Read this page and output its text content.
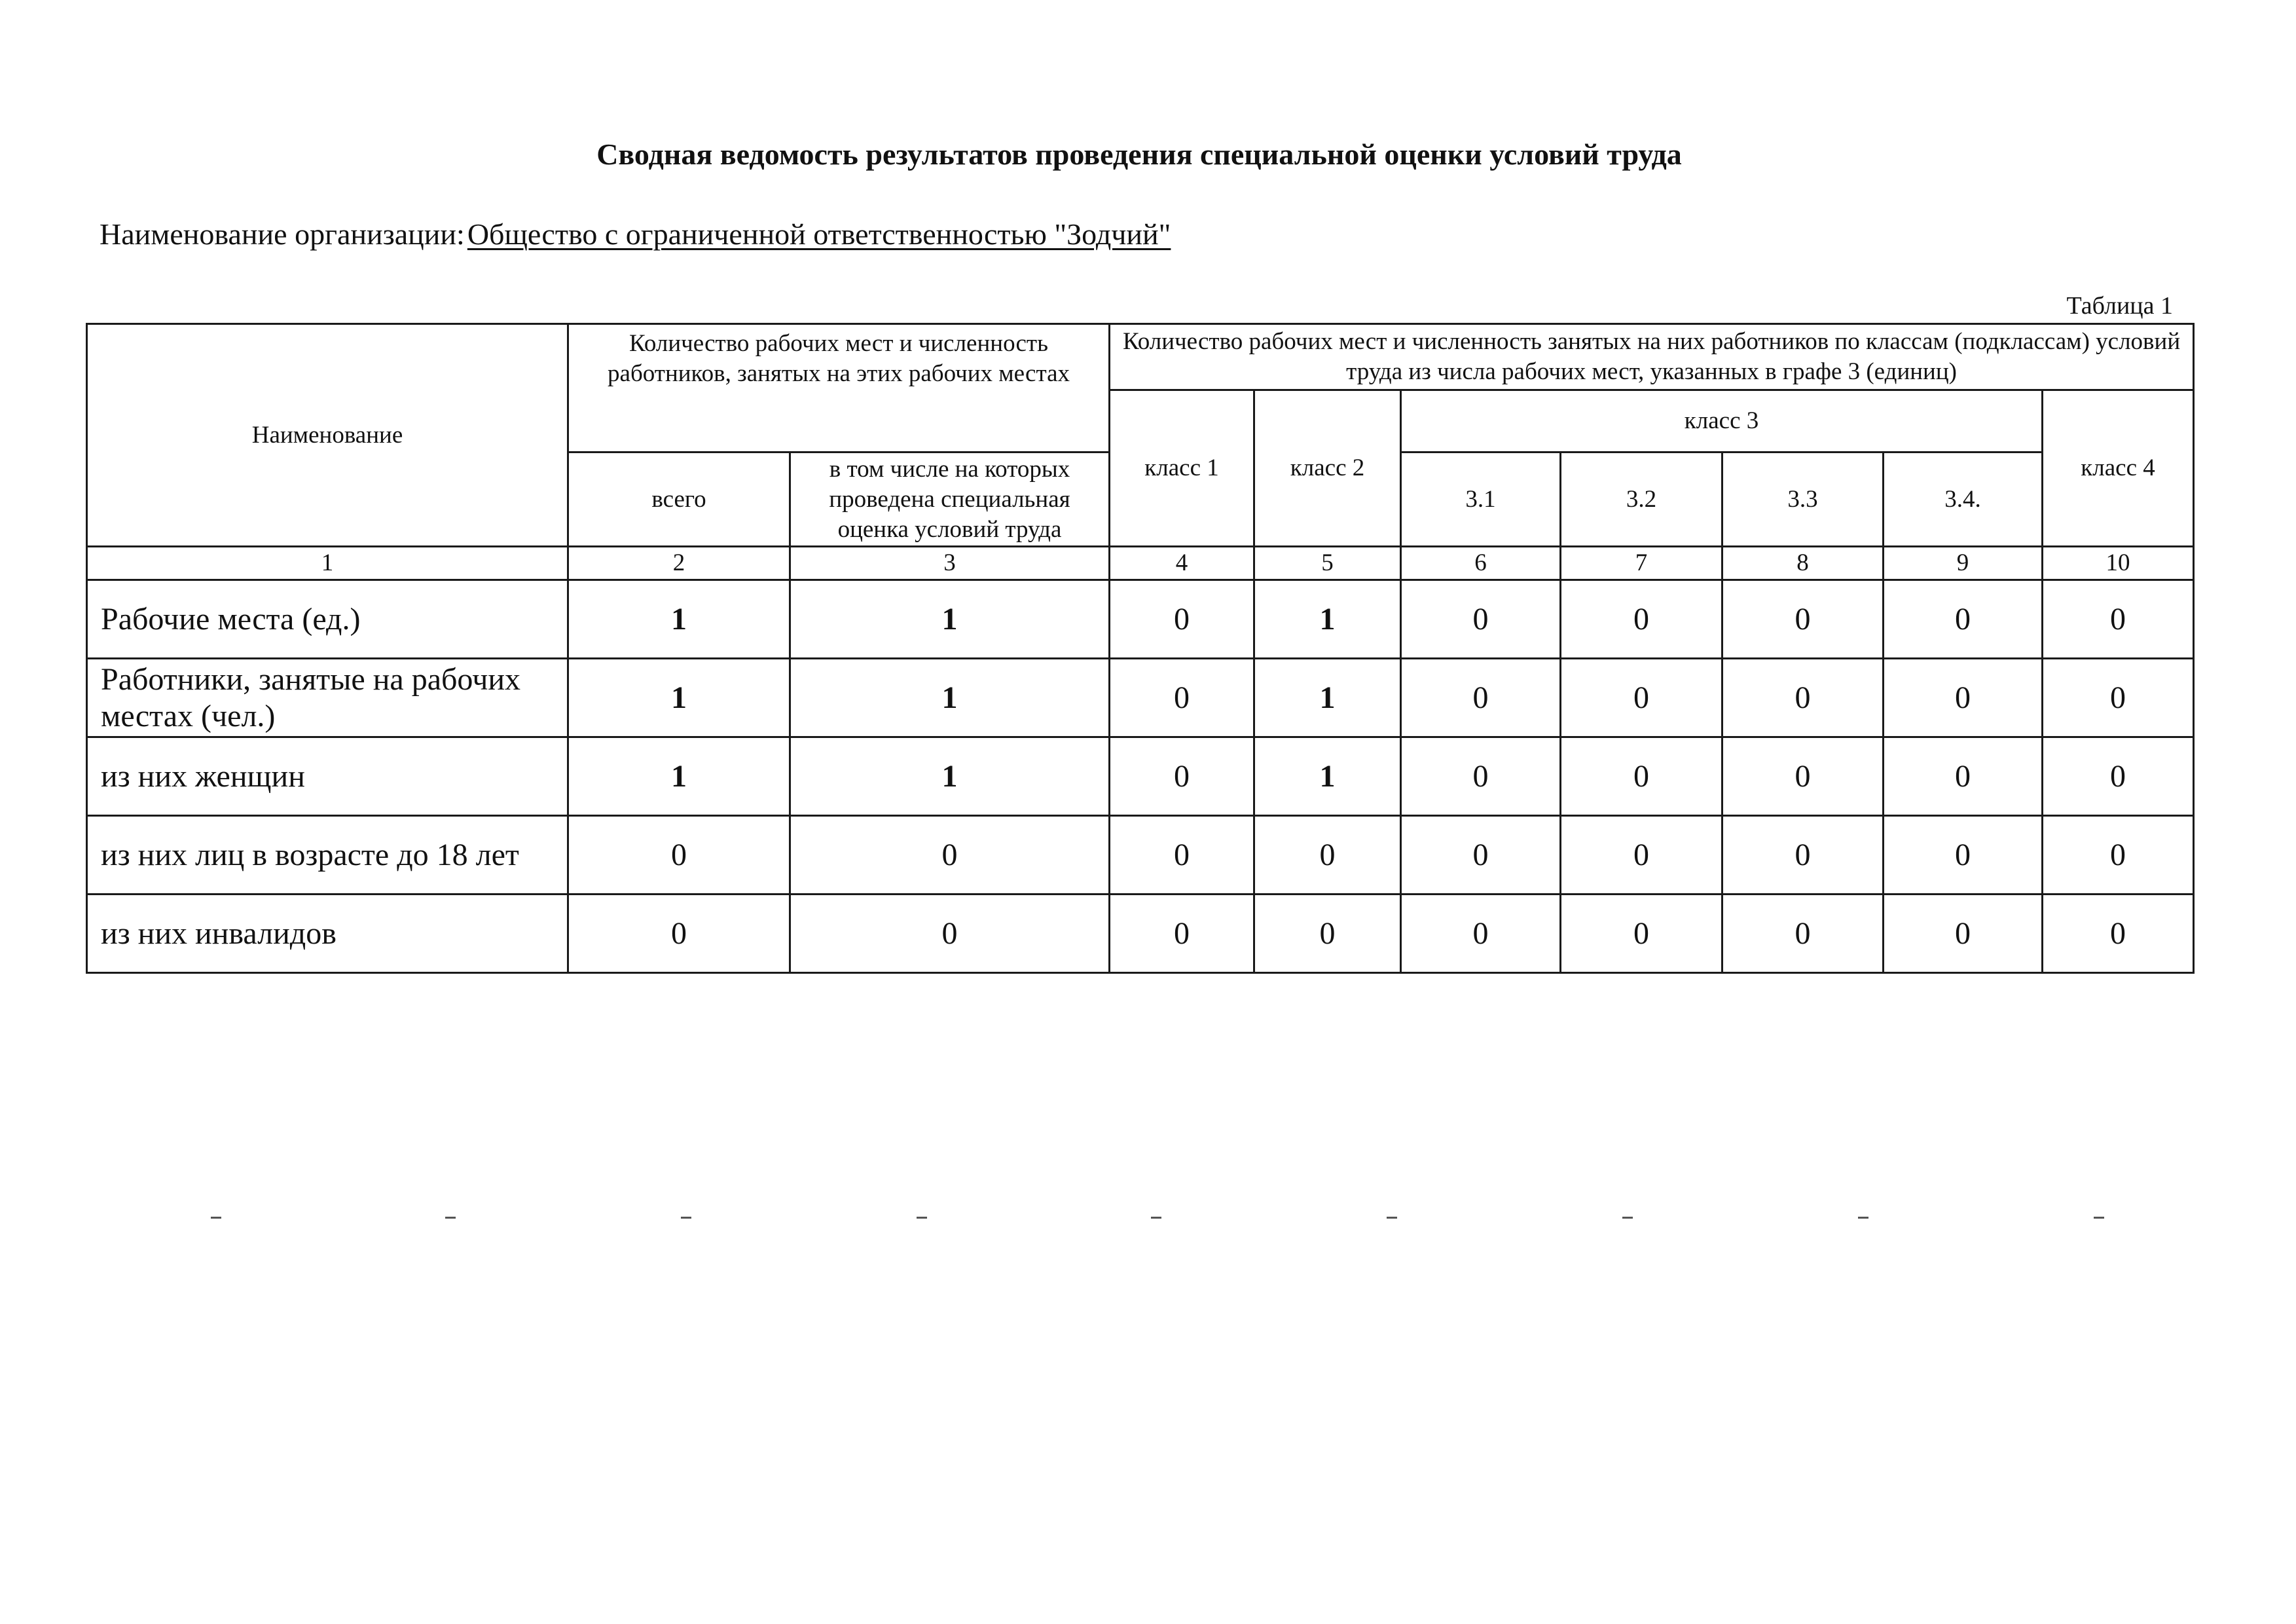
Сводная ведомость результатов проведения специальной оценки условий труда
Наименование организации:Общество с ограниченной ответственностью "Зодчий"
Таблица 1
Наименование	Количество рабочих мест и численность работников, занятых на этих рабочих местах		Количество рабочих мест и численность занятых на них работников по классам (подклассам) условий труда из числа рабочих мест, указанных в графе 3 (единиц)						
			класс 1	класс 2	класс 3				класс 4
	всего	в том числе на которых проведена специальная оценка условий труда			3.1	3.2	3.3	3.4.	
1	2	3	4	5	6	7	8	9	10
Рабочие места (ед.)	1	1	0	1	0	0	0	0	0
Работники, занятые на рабочих местах (чел.)	1	1	0	1	0	0	0	0	0
из них женщин	1	1	0	1	0	0	0	0	0
из них лиц в возрасте до 18 лет	0	0	0	0	0	0	0	0	0
из них инвалидов	0	0	0	0	0	0	0	0	0
